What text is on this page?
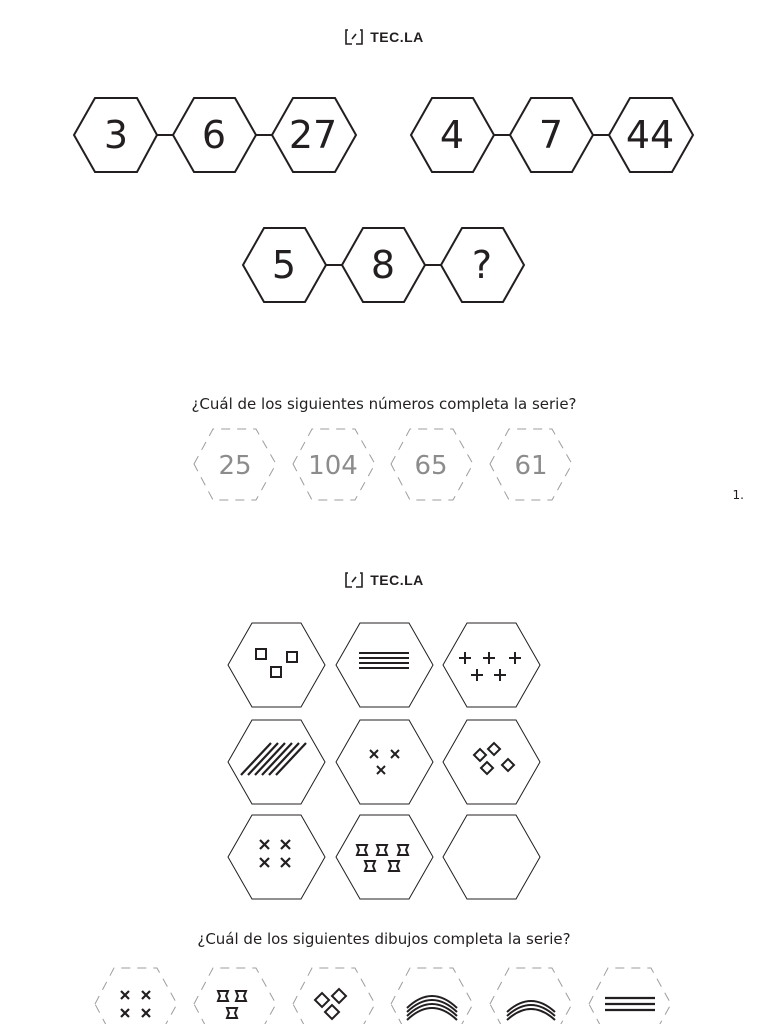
TEC.LA
3 6 27	4 7 44
5 8 ?
¿Cuál de los siguientes números completa la serie?
25 104 65	61
1.
TEC.LA
¿Cuál de los siguientes dibujos completa la serie?
